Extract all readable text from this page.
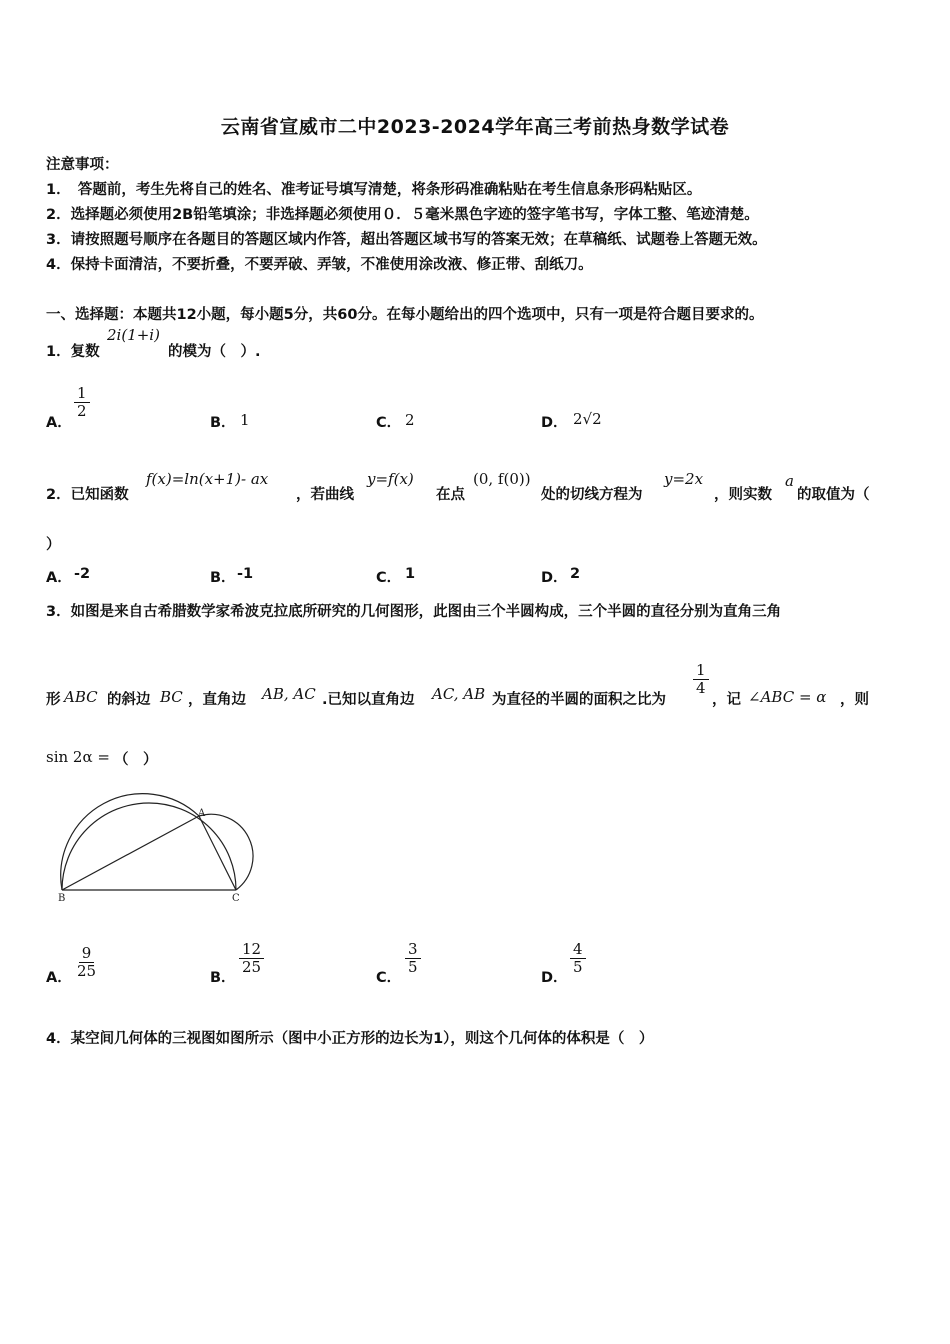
云南省宣威市二中2023-2024学年高三考前热身数学试卷
注意事项：
1．　答题前，考生先将自己的姓名、准考证号填写清楚，将条形码准确粘贴在考生信息条形码粘贴区。
2．选择题必须使用2B铅笔填涂；非选择题必须使用０．５毫米黑色字迹的签字笔书写，字体工整、笔迹清楚。
3．请按照题号顺序在各题目的答题区域内作答，超出答题区域书写的答案无效；在草稿纸、试题卷上答题无效。
4．保持卡面清洁，不要折叠，不要弄破、弄皱，不准使用涂改液、修正带、刮纸刀。
一、选择题：本题共12小题，每小题5分，共60分。在每小题给出的四个选项中，只有一项是符合题目要求的。
1．复数
2i(1+i)
的模为（　）.
A．
$\frac{1}{2}$
B． 1	C． 2	D． 2√2
2．已知函数
f(x)=ln(x+1)- ax
，若曲线
y=f(x)
在点
(0, f(0))
处的切线方程为
y=2x
，则实数
a
的取值为（
）
A． -2	B． -1	C． 1	D． 2
3．如图是来自古希腊数学家希波克拉底所研究的几何图形，此图由三个半圆构成，三个半圆的直径分别为直角三角
形 ABC 的斜边 BC ，直角边 AB, AC .已知以直角边 AC, AB 为直径的半圆的面积之比为
$\frac{1}{4}$
，记 ∠ABC = α ，则
sin 2α = （　）
A
B	C
A． $\frac{9}{25}$	B．
$\frac{12}{25}$
C．
$\frac{3}{5}$
D．
$\frac{4}{5}$
4．某空间几何体的三视图如图所示（图中小正方形的边长为1），则这个几何体的体积是（　）
